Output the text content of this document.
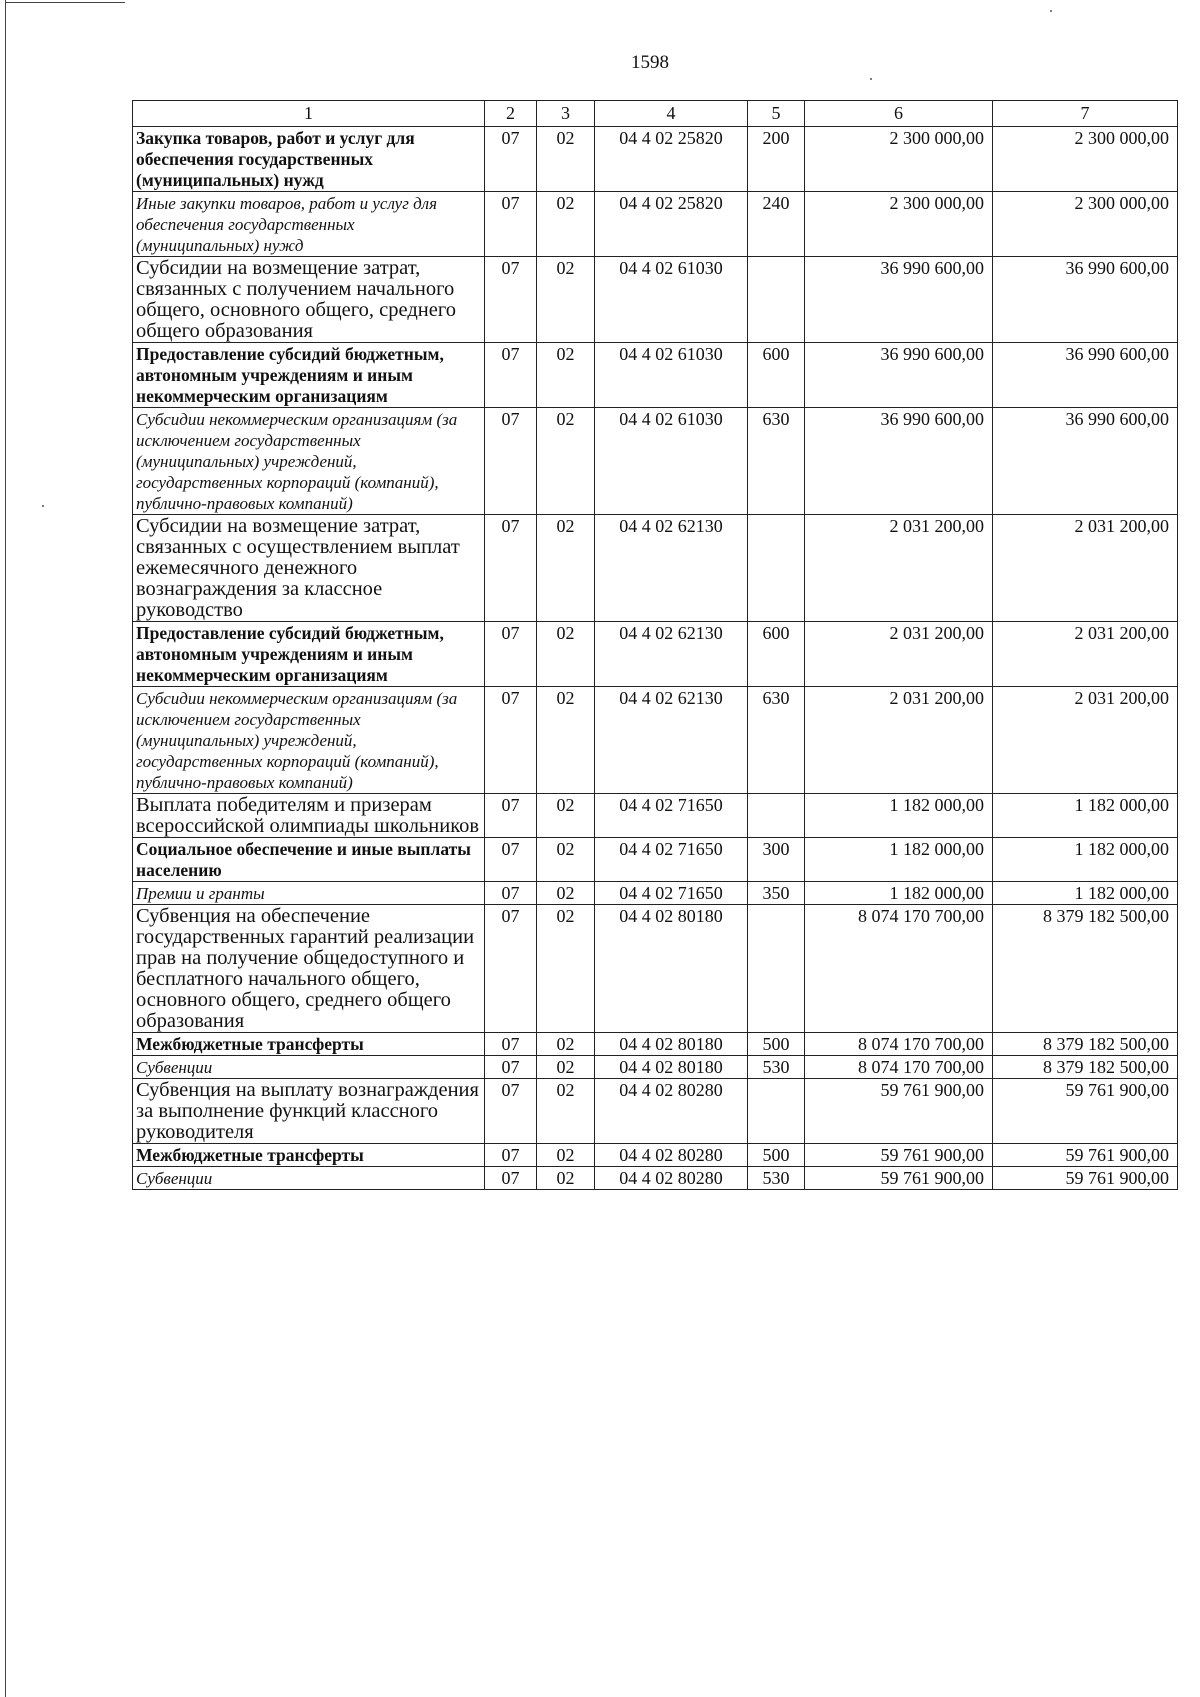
1598
1	2	3	4	5	6	7
Закупка товаров, работ и услуг для обеспечения государственных (муниципальных) нужд	07	02	04 4 02 25820	200	2 300 000,00	2 300 000,00
Иные закупки товаров, работ и услуг для обеспечения государственных (муниципальных) нужд	07	02	04 4 02 25820	240	2 300 000,00	2 300 000,00
Субсидии на возмещение затрат, связанных с получением начального общего, основного общего, среднего общего образования	07	02	04 4 02 61030		36 990 600,00	36 990 600,00
Предоставление субсидий бюджетным, автономным учреждениям и иным некоммерческим организациям	07	02	04 4 02 61030	600	36 990 600,00	36 990 600,00
Субсидии некоммерческим организациям (за исключением государственных (муниципальных) учреждений, государственных корпораций (компаний), публично-правовых компаний)	07	02	04 4 02 61030	630	36 990 600,00	36 990 600,00
Субсидии на возмещение затрат, связанных с осуществлением выплат ежемесячного денежного вознаграждения за классное руководство	07	02	04 4 02 62130		2 031 200,00	2 031 200,00
Предоставление субсидий бюджетным, автономным учреждениям и иным некоммерческим организациям	07	02	04 4 02 62130	600	2 031 200,00	2 031 200,00
Субсидии некоммерческим организациям (за исключением государственных (муниципальных) учреждений, государственных корпораций (компаний), публично-правовых компаний)	07	02	04 4 02 62130	630	2 031 200,00	2 031 200,00
Выплата победителям и призерам всероссийской олимпиады школьников	07	02	04 4 02 71650		1 182 000,00	1 182 000,00
Социальное обеспечение и иные выплаты населению	07	02	04 4 02 71650	300	1 182 000,00	1 182 000,00
Премии и гранты	07	02	04 4 02 71650	350	1 182 000,00	1 182 000,00
Субвенция на обеспечение государственных гарантий реализации прав на получение общедоступного и бесплатного начального общего, основного общего, среднего общего образования	07	02	04 4 02 80180		8 074 170 700,00	8 379 182 500,00
Межбюджетные трансферты	07	02	04 4 02 80180	500	8 074 170 700,00	8 379 182 500,00
Субвенции	07	02	04 4 02 80180	530	8 074 170 700,00	8 379 182 500,00
Субвенция на выплату вознаграждения за выполнение функций классного руководителя	07	02	04 4 02 80280		59 761 900,00	59 761 900,00
Межбюджетные трансферты	07	02	04 4 02 80280	500	59 761 900,00	59 761 900,00
Субвенции	07	02	04 4 02 80280	530	59 761 900,00	59 761 900,00
